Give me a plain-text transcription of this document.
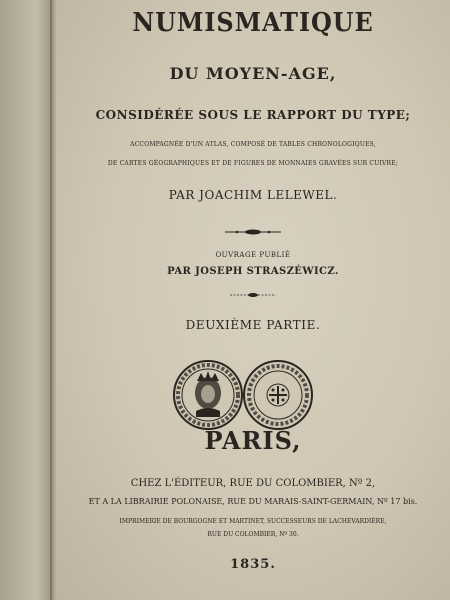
NUMISMATIQUE
DU MOYEN-AGE,
CONSIDÉRÉE SOUS LE RAPPORT DU TYPE;
ACCOMPAGNÉE D'UN ATLAS, COMPOSÉ DE TABLES CHRONOLOGIQUES,
DE CARTES GÉOGRAPHIQUES ET DE FIGURES DE MONNAIES GRAVÉES SUR CUIVRE;
PAR JOACHIM LELEWEL.
OUVRAGE PUBLIÉ
PAR JOSEPH STRASZÉWICZ.
DEUXIÈME PARTIE.
PARIS,
CHEZ L'ÉDITEUR, RUE DU COLOMBIER, Nº 2,
ET A LA LIBRAIRIE POLONAISE, RUE DU MARAIS-SAINT-GERMAIN, Nº 17 bis.
IMPRIMERIE DE BOURGOGNE ET MARTINET, SUCCESSEURS DE LACHEVARDIÈRE,
RUE DU COLOMBIER, Nº 30.
1835.
